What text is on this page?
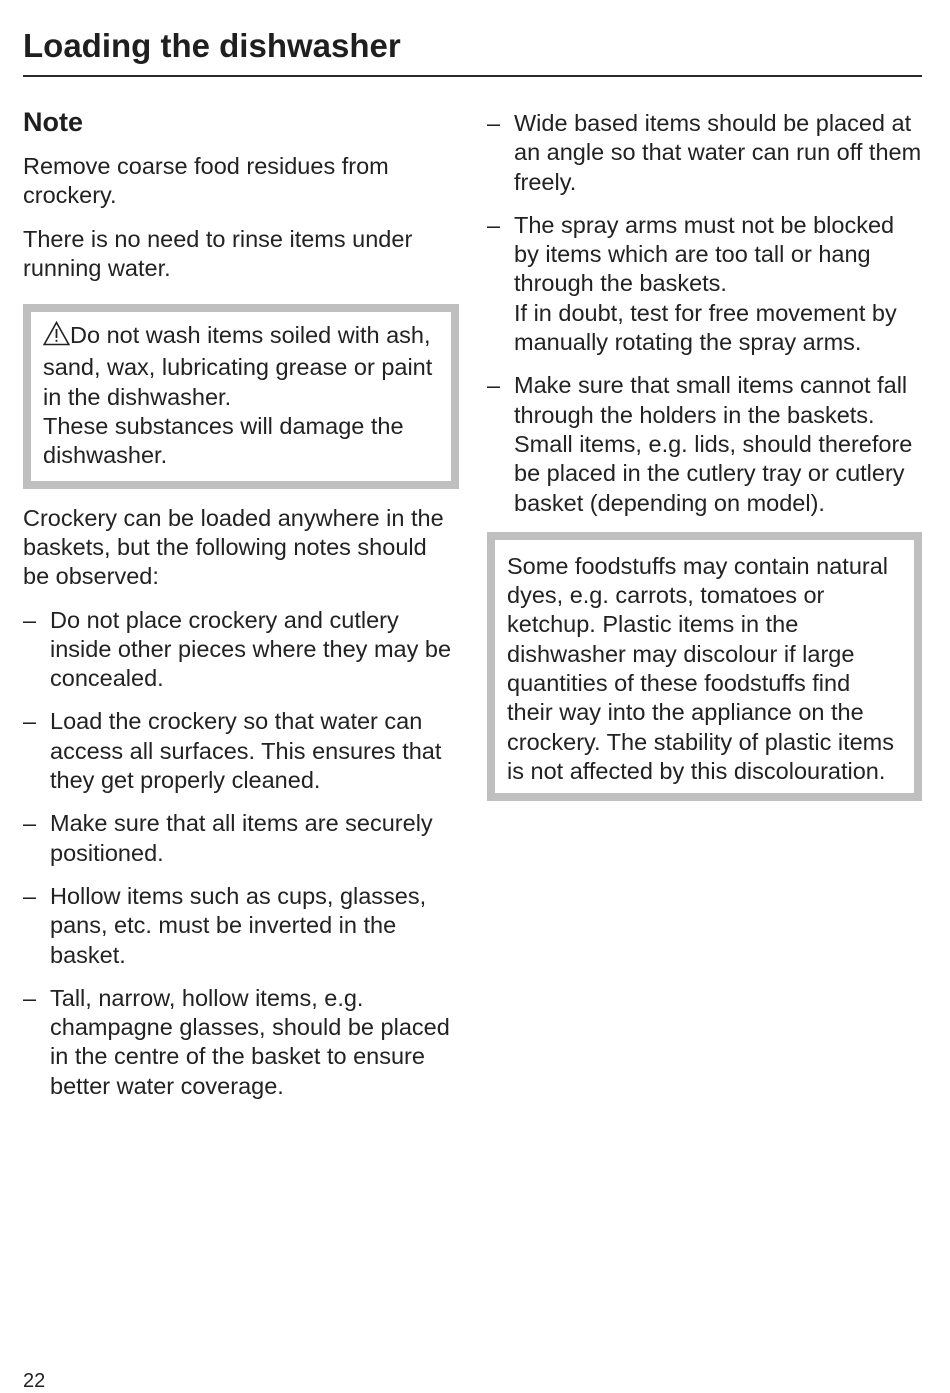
Loading the dishwasher
Note

Remove coarse food residues from crockery.

There is no need to rinse items under running water.

Do not wash items soiled with ash, sand, wax, lubricating grease or paint in the dishwasher.
These substances will damage the dishwasher.

Crockery can be loaded anywhere in the baskets, but the following notes should be observed:

– Do not place crockery and cutlery inside other pieces where they may be concealed.
– Load the crockery so that water can access all surfaces. This ensures that they get properly cleaned.
– Make sure that all items are securely positioned.
– Hollow items such as cups, glasses, pans, etc. must be inverted in the basket.
– Tall, narrow, hollow items, e.g. champagne glasses, should be placed in the centre of the basket to ensure better water coverage.
– Wide based items should be placed at an angle so that water can run off them freely.
– The spray arms must not be blocked by items which are too tall or hang through the baskets.
If in doubt, test for free movement by manually rotating the spray arms.
– Make sure that small items cannot fall through the holders in the baskets. Small items, e.g. lids, should therefore be placed in the cutlery tray or cutlery basket (depending on model).

Some foodstuffs may contain natural dyes, e.g. carrots, tomatoes or ketchup. Plastic items in the dishwasher may discolour if large quantities of these foodstuffs find their way into the appliance on the crockery. The stability of plastic items is not affected by this discolouration.

22
